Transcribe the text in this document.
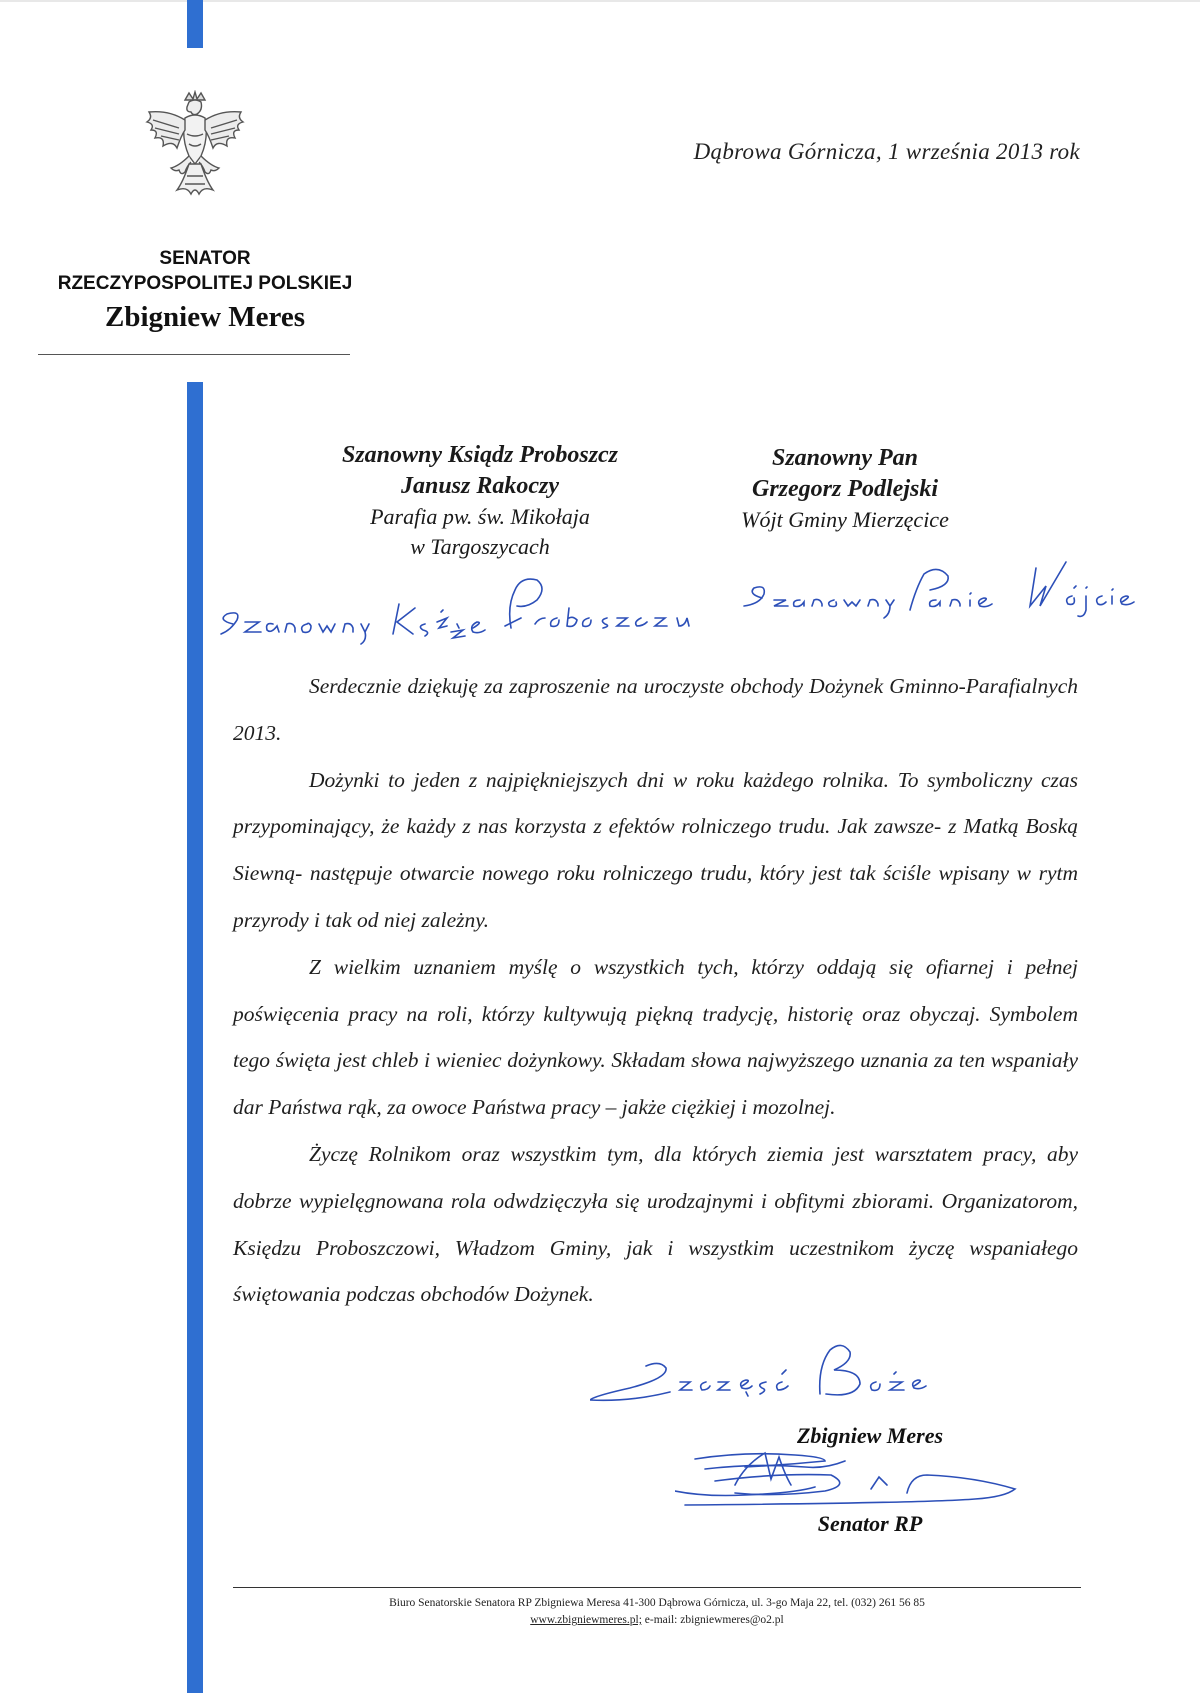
SENATOR
RZECZYPOSPOLITEJ POLSKIEJ
Zbigniew Meres
Dąbrowa Górnicza, 1 września 2013 rok
Szanowny Ksiądz Proboszcz
Janusz Rakoczy
Parafia pw. św. Mikołaja
w Targoszycach
Szanowny Pan
Grzegorz Podlejski
Wójt Gminy Mierzęcice

Serdecznie dziękuję za zaproszenie na uroczyste obchody Dożynek Gminno-Parafialnych 2013.

Dożynki to jeden z najpiękniejszych dni w roku każdego rolnika. To symboliczny czas przypominający, że każdy z nas korzysta z efektów rolniczego trudu. Jak zawsze- z Matką Boską Siewną- następuje otwarcie nowego roku rolniczego trudu, który jest tak ściśle wpisany w rytm przyrody i tak od niej zależny.

Z wielkim uznaniem myślę o wszystkich tych, którzy oddają się ofiarnej i pełnej poświęcenia pracy na roli, którzy kultywują piękną tradycję, historię oraz obyczaj. Symbolem tego święta jest chleb i wieniec dożynkowy. Składam słowa najwyższego uznania za ten wspaniały dar Państwa rąk, za owoce Państwa pracy – jakże ciężkiej i mozolnej.

Życzę Rolnikom oraz wszystkim tym, dla których ziemia jest warsztatem pracy, aby dobrze wypielęgnowana rola odwdzięczyła się urodzajnymi i obfitymi zbiorami. Organizatorom, Księdzu Proboszczowi, Władzom Gminy, jak i wszystkim uczestnikom życzę wspaniałego świętowania podczas obchodów Dożynek.

Zbigniew Meres
Senator RP
Biuro Senatorskie Senatora RP Zbigniewa Meresa 41-300 Dąbrowa Górnicza, ul. 3-go Maja 22, tel. (032) 261 56 85
www.zbigniewmeres.pl; e-mail: zbigniewmeres@o2.pl
